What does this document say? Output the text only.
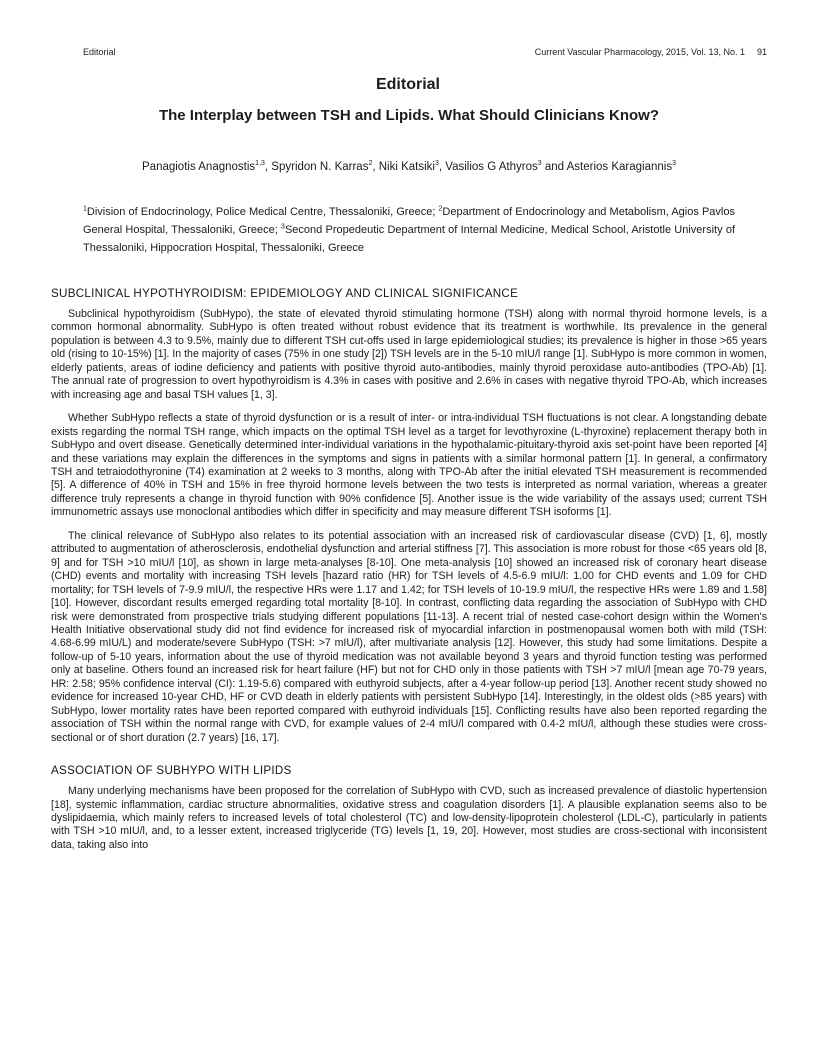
Editorial	Current Vascular Pharmacology, 2015, Vol. 13, No. 1 91
Editorial
The Interplay between TSH and Lipids. What Should Clinicians Know?
Panagiotis Anagnostis$^{1,3}$, Spyridon N. Karras$^2$, Niki Katsiki$^3$, Vasilios G Athyros$^3$ and Asterios Karagiannis$^3$
$^1$Division of Endocrinology, Police Medical Centre, Thessaloniki, Greece; $^2$Department of Endocrinology and Metabolism, Agios Pavlos General Hospital, Thessaloniki, Greece; $^3$Second Propedeutic Department of Internal Medicine, Medical School, Aristotle University of Thessaloniki, Hippocration Hospital, Thessaloniki, Greece
SUBCLINICAL HYPOTHYROIDISM: EPIDEMIOLOGY AND CLINICAL SIGNIFICANCE

Subclinical hypothyroidism (SubHypo), the state of elevated thyroid stimulating hormone (TSH) along with normal thyroid hormone levels, is a common hormonal abnormality. SubHypo is often treated without robust evidence that its treatment is worthwhile. Its prevalence in the general population is between 4.3 to 9.5%, mainly due to different TSH cut-offs used in large epidemiological studies; its prevalence is higher in those >65 years old (rising to 10-15%) [1]. In the majority of cases (75% in one study [2]) TSH levels are in the 5-10 mIU/l range [1]. SubHypo is more common in women, elderly patients, areas of iodine deficiency and patients with positive thyroid auto-antibodies, mainly thyroid peroxidase auto-antibodies (TPO-Ab) [1]. The annual rate of progression to overt hypothyroidism is 4.3% in cases with positive and 2.6% in cases with negative thyroid TPO-Ab, which increases with increasing age and basal TSH values [1, 3].

Whether SubHypo reflects a state of thyroid dysfunction or is a result of inter- or intra-individual TSH fluctuations is not clear. A longstanding debate exists regarding the normal TSH range, which impacts on the optimal TSH level as a target for levothyroxine (L-thyroxine) replacement therapy both in SubHypo and overt disease. Genetically determined inter-individual variations in the hypothalamic-pituitary-thyroid axis set-point have been reported [4] and these variations may explain the differences in the symptoms and signs in patients with a similar hormonal pattern [1]. In general, a confirmatory TSH and tetraiodothyronine (T4) examination at 2 weeks to 3 months, along with TPO-Ab after the initial elevated TSH measurement is recommended [5]. A difference of 40% in TSH and 15% in free thyroid hormone levels between the two tests is interpreted as normal variation, whereas a greater difference truly represents a change in thyroid function with 90% confidence [5]. Another issue is the wide variability of the assays used; current TSH immunometric assays use monoclonal antibodies which differ in specificity and may measure different TSH isoforms [1].

The clinical relevance of SubHypo also relates to its potential association with an increased risk of cardiovascular disease (CVD) [1, 6], mostly attributed to augmentation of atherosclerosis, endothelial dysfunction and arterial stiffness [7]. This association is more robust for those <65 years old [8, 9] and for TSH >10 mIU/l [10], as shown in large meta-analyses [8-10]. One meta-analysis [10] showed an increased risk of coronary heart disease (CHD) events and mortality with increasing TSH levels [hazard ratio (HR) for TSH levels of 4.5-6.9 mIU/l: 1.00 for CHD events and 1.09 for CHD mortality; for TSH levels of 7-9.9 mIU/l, the respective HRs were 1.17 and 1.42; for TSH levels of 10-19.9 mIU/l, the respective HRs were 1.89 and 1.58] [10]. However, discordant results emerged regarding total mortality [8-10]. In contrast, conflicting data regarding the association of SubHypo with CHD risk were demonstrated from prospective trials studying different populations [11-13]. A recent trial of nested case-cohort design within the Women's Health Initiative observational study did not find evidence for increased risk of myocardial infarction in postmenopausal women both with mild (TSH: 4.68-6.99 mIU/L) and moderate/severe SubHypo (TSH: >7 mIU/l), after multivariate analysis [12]. However, this study had some limitations. Despite a follow-up of 5-10 years, information about the use of thyroid medication was not available beyond 3 years and thyroid function testing was performed only at baseline. Others found an increased risk for heart failure (HF) but not for CHD only in those patients with TSH >7 mIU/l [mean age 70-79 years, HR: 2.58; 95% confidence interval (CI): 1.19-5.6) compared with euthyroid subjects, after a 4-year follow-up period [13]. Another recent study showed no evidence for increased 10-year CHD, HF or CVD death in elderly patients with persistent SubHypo [14]. Interestingly, in the oldest olds (>85 years) with SubHypo, lower mortality rates have been reported compared with euthyroid individuals [15]. Conflicting results have also been reported regarding the association of TSH within the normal range with CVD, for example values of 2-4 mIU/l compared with 0.4-2 mIU/l, although these studies were cross-sectional or of short duration (2.7 years) [16, 17].

ASSOCIATION OF SUBHYPO WITH LIPIDS

Many underlying mechanisms have been proposed for the correlation of SubHypo with CVD, such as increased prevalence of diastolic hypertension [18], systemic inflammation, cardiac structure abnormalities, oxidative stress and coagulation disorders [1]. A plausible explanation seems also to be dyslipidaemia, which mainly refers to increased levels of total cholesterol (TC) and low-density-lipoprotein cholesterol (LDL-C), particularly in patients with TSH >10 mIU/l, and, to a lesser extent, increased triglyceride (TG) levels [1, 19, 20]. However, most studies are cross-sectional with inconsistent data, taking also into
